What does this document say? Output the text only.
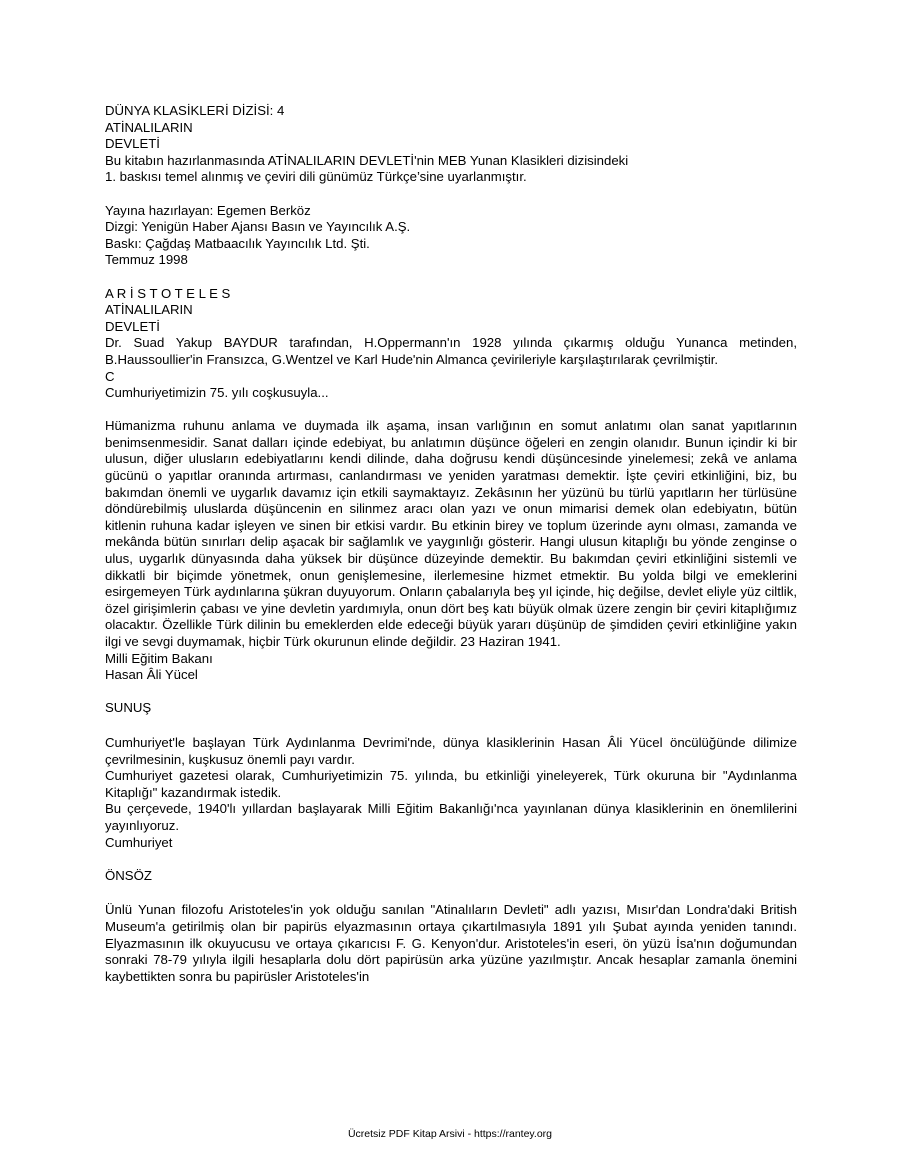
DÜNYA KLASİKLERİ DİZİSİ: 4
ATİNALILARIN
DEVLETİ
Bu kitabın hazırlanmasında ATİNALILARIN DEVLETİ'nin MEB Yunan Klasikleri dizisindeki
1. baskısı temel alınmış ve çeviri dili günümüz Türkçe’sine uyarlanmıştır.
Yayına hazırlayan: Egemen Berköz
Dizgi: Yenigün Haber Ajansı Basın ve Yayıncılık A.Ş.
Baskı: Çağdaş Matbaacılık Yayıncılık Ltd. Şti.
Temmuz 1998
A R İ S T O T E L E S
ATİNALILARIN
DEVLETİ

Dr. Suad Yakup BAYDUR tarafından, H.Oppermann'ın 1928 yılında çıkarmış olduğu Yunanca metinden, B.Haussoullier'in Fransızca, G.Wentzel ve Karl Hude'nin Almanca çevirileriyle karşılaştırılarak çevrilmiştir.

C
Cumhuriyetimizin 75. yılı coşkusuyla...

Hümanizma ruhunu anlama ve duymada ilk aşama, insan varlığının en somut anlatımı olan sanat yapıtlarının benimsenmesidir. Sanat dalları içinde edebiyat, bu anlatımın düşünce öğeleri en zengin olanıdır. Bunun içindir ki bir ulusun, diğer ulusların edebiyatlarını kendi dilinde, daha doğrusu kendi düşüncesinde yinelemesi; zekâ ve anlama gücünü o yapıtlar oranında artırması, canlandırması ve yeniden yaratması demektir. İşte çeviri etkinliğini, biz, bu bakımdan önemli ve uygarlık davamız için etkili saymaktayız. Zekâsının her yüzünü bu türlü yapıtların her türlüsüne döndürebilmiş uluslarda düşüncenin en silinmez aracı olan yazı ve onun mimarisi demek olan edebiyatın, bütün kitlenin ruhuna kadar işleyen ve sinen bir etkisi vardır. Bu etkinin birey ve toplum üzerinde aynı olması, zamanda ve mekânda bütün sınırları delip aşacak bir sağlamlık ve yaygınlığı gösterir. Hangi ulusun kitaplığı bu yönde zenginse o ulus, uygarlık dünyasında daha yüksek bir düşünce düzeyinde demektir. Bu bakımdan çeviri etkinliğini sistemli ve dikkatli bir biçimde yönetmek, onun genişlemesine, ilerlemesine hizmet etmektir. Bu yolda bilgi ve emeklerini esirgemeyen Türk aydınlarına şükran duyuyorum. Onların çabalarıyla beş yıl içinde, hiç değilse, devlet eliyle yüz ciltlik, özel girişimlerin çabası ve yine devletin yardımıyla, onun dört beş katı büyük olmak üzere zengin bir çeviri kitaplığımız olacaktır. Özellikle Türk dilinin bu emeklerden elde edeceği büyük yararı düşünüp de şimdiden çeviri etkinliğine yakın ilgi ve sevgi duymamak, hiçbir Türk okurunun elinde değildir. 23 Haziran 1941.

Milli Eğitim Bakanı
Hasan Âli Yücel
SUNUŞ

Cumhuriyet'le başlayan Türk Aydınlanma Devrimi'nde, dünya klasiklerinin Hasan Âli Yücel öncülüğünde dilimize çevrilmesinin, kuşkusuz önemli payı vardır.

Cumhuriyet gazetesi olarak, Cumhuriyetimizin 75. yılında, bu etkinliği yineleyerek, Türk okuruna bir "Aydınlanma Kitaplığı" kazandırmak istedik.

Bu çerçevede, 1940'lı yıllardan başlayarak Milli Eğitim Bakanlığı'nca yayınlanan dünya klasiklerinin en önemlilerini yayınlıyoruz.

Cumhuriyet
ÖNSÖZ

Ünlü Yunan filozofu Aristoteles'in yok olduğu sanılan "Atinalıların Devleti" adlı yazısı, Mısır'dan Londra'daki British Museum'a getirilmiş olan bir papirüs elyazmasının ortaya çıkartılmasıyla 1891 yılı Şubat ayında yeniden tanındı. Elyazmasının ilk okuyucusu ve ortaya çıkarıcısı F. G. Kenyon'dur. Aristoteles'in eseri, ön yüzü İsa'nın doğumundan sonraki 78-79 yılıyla ilgili hesaplarla dolu dört papirüsün arka yüzüne yazılmıştır. Ancak hesaplar zamanla önemini kaybettikten sonra bu papirüsler Aristoteles'in

Ücretsiz PDF Kitap Arsivi - https://rantey.org
